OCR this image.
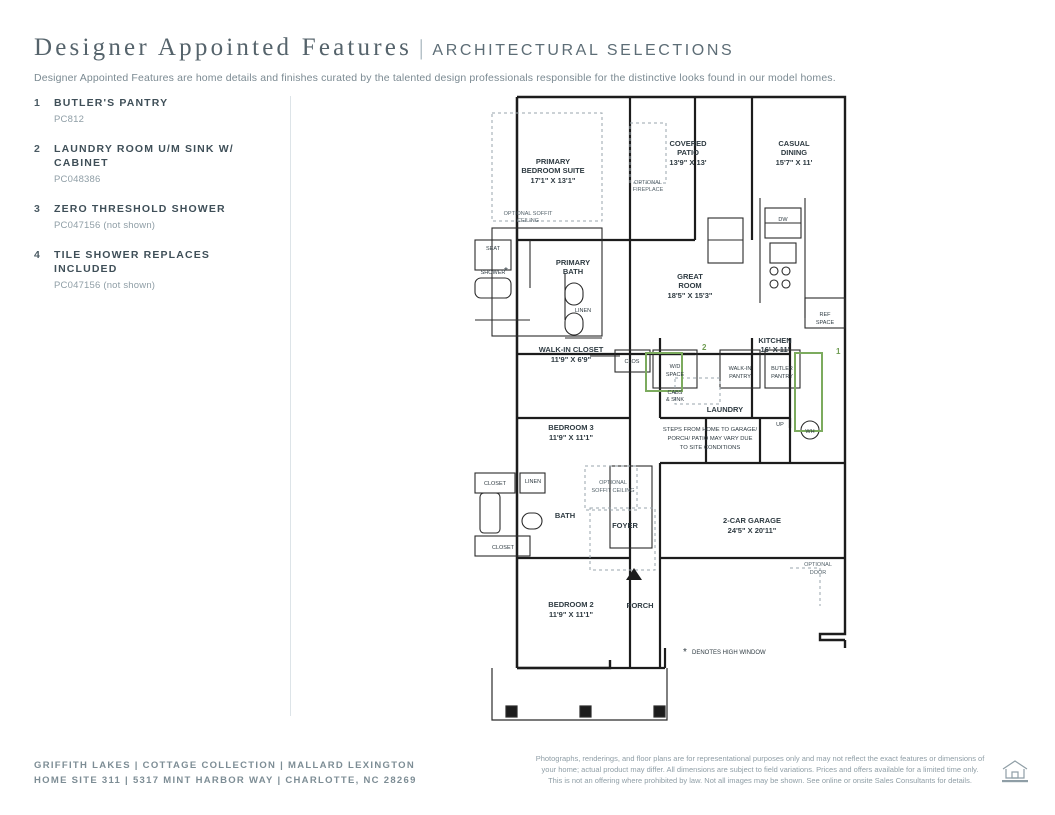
Designer Appointed Features | ARCHITECTURAL SELECTIONS
Designer Appointed Features are home details and finishes curated by the talented design professionals responsible for the distinctive looks found in our model homes.
1	BUTLER'S PANTRY
PC812
2	LAUNDRY ROOM U/M SINK W/ CABINET
PC048386
3	ZERO THRESHOLD SHOWER
PC047156 (not shown)
4	TILE SHOWER REPLACES INCLUDED
PC047156 (not shown)
PRIMARY
BEDROOM SUITE
17'1" X 13'1"
COVERED
PATIO
13'9" X 13'
CASUAL
DINING
15'7" X 11'
GREAT
ROOM
18'5" X 15'3"
KITCHEN
16' X 11'
PRIMARY
BATH
WALK-IN CLOSET
11'9" X 6'9"
BEDROOM 3
11'9" X 11'1"
BEDROOM 2
11'9" X 11'1"
2-CAR GARAGE
24'5" X 20'11"
LAUNDRY
FOYER
PORCH
BATH
OPTIONAL SOFFIT
CEILING
OPTIONAL
FIREPLACE
OPTIONAL
SOFFIT CEILING
OPTIONAL
DOOR
SEAT
SHOWER
LINEN
LINEN
CLOSET
CLOSET
CLOS
W/D
SPACE
WALK-IN
PANTRY
BUTLER
PANTRY
CABS
& SINK
DW
REF
SPACE
WH
UP
STEPS FROM HOME TO GARAGE/
PORCH/ PATIO MAY VARY DUE
TO SITE CONDITIONS
DENOTES HIGH WINDOW
*
*
2	1
GRIFFITH LAKES | COTTAGE COLLECTION | MALLARD LEXINGTON
HOME SITE 311 | 5317 MINT HARBOR WAY | CHARLOTTE, NC 28269
Photographs, renderings, and floor plans are for representational purposes only and may not reflect the exact features or dimensions of
your home; actual product may differ. All dimensions are subject to field variations. Prices and offers available for a limited time only.
This is not an offering where prohibited by law. Not all images may be shown. See online or onsite Sales Consultants for details.
